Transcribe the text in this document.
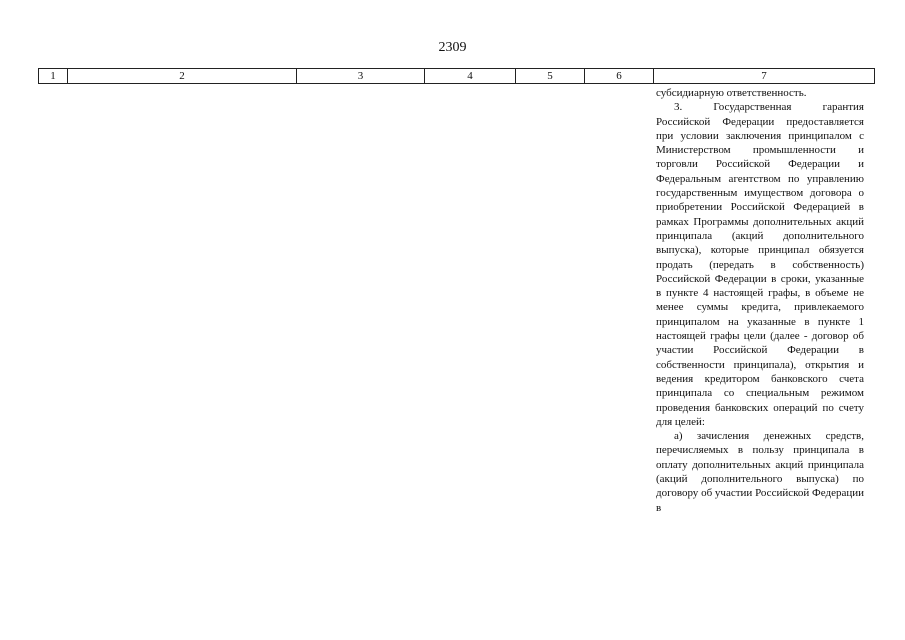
2309
1	2	3	4	5	6	7

субсидиарную ответственность.

3. Государственная гарантия Российской Федерации предоставляется при условии заключения принципалом с Министерством промышленности и торговли Российской Федерации и Федеральным агентством по управлению государственным имуществом договора о приобретении Российской Федерацией в рамках Программы дополнительных акций принципала (акций дополнительного выпуска), которые принципал обязуется продать (передать в собственность) Российской Федерации в сроки, указанные в пункте 4 настоящей графы, в объеме не менее суммы кредита, привлекаемого принципалом на указанные в пункте 1 настоящей графы цели (далее - договор об участии Российской Федерации в собственности принципала), открытия и ведения кредитором банковского счета принципала со специальным режимом проведения банковских операций по счету для целей:

а) зачисления денежных средств, перечисляемых в пользу принципала в оплату дополнительных акций принципала (акций дополнительного выпуска) по договору об участии Российской Федерации в
